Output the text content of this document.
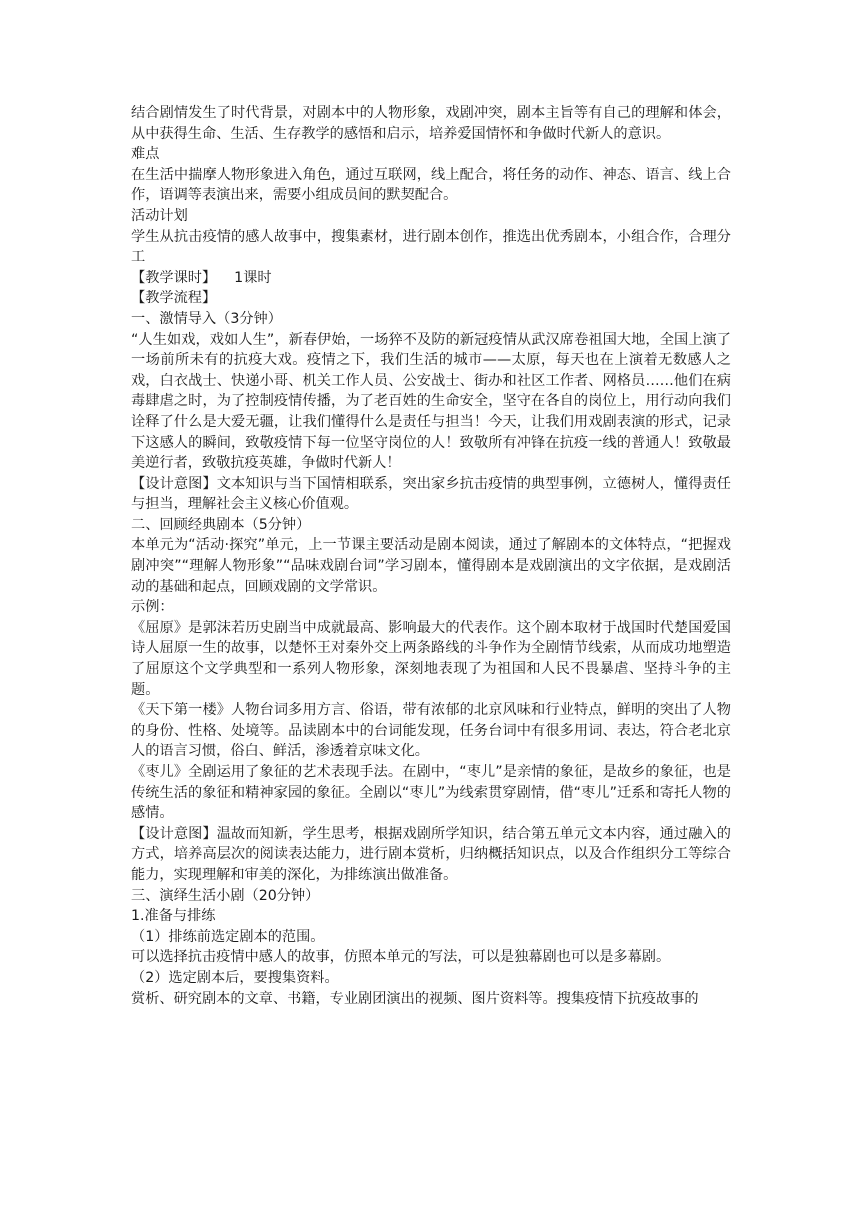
结合剧情发生了时代背景，对剧本中的人物形象，戏剧冲突，剧本主旨等有自己的理解和体会，从中获得生命、生活、生存教学的感悟和启示，培养爱国情怀和争做时代新人的意识。

难点

在生活中揣摩人物形象进入角色，通过互联网，线上配合，将任务的动作、神态、语言、线上合作，语调等表演出来，需要小组成员间的默契配合。

活动计划

学生从抗击疫情的感人故事中，搜集素材，进行剧本创作，推选出优秀剧本，小组合作，合理分工

【教学课时】    1课时

【教学流程】

一、激情导入（3分钟）

“人生如戏，戏如人生”，新春伊始，一场猝不及防的新冠疫情从武汉席卷祖国大地，全国上演了一场前所未有的抗疫大戏。疫情之下，我们生活的城市——太原，每天也在上演着无数感人之戏，白衣战士、快递小哥、机关工作人员、公安战士、街办和社区工作者、网格员……他们在病毒肆虐之时，为了控制疫情传播，为了老百姓的生命安全，坚守在各自的岗位上，用行动向我们诠释了什么是大爱无疆，让我们懂得什么是责任与担当！今天，让我们用戏剧表演的形式，记录下这感人的瞬间，致敬疫情下每一位坚守岗位的人！致敬所有冲锋在抗疫一线的普通人！致敬最美逆行者，致敬抗疫英雄，争做时代新人！

【设计意图】文本知识与当下国情相联系，突出家乡抗击疫情的典型事例，立德树人，懂得责任与担当，理解社会主义核心价值观。

二、回顾经典剧本（5分钟）

本单元为“活动·探究”单元，上一节课主要活动是剧本阅读，通过了解剧本的文体特点，“把握戏剧冲突”“理解人物形象”“品味戏剧台词”学习剧本，懂得剧本是戏剧演出的文字依据，是戏剧活动的基础和起点，回顾戏剧的文学常识。

示例：

《屈原》是郭沫若历史剧当中成就最高、影响最大的代表作。这个剧本取材于战国时代楚国爱国诗人屈原一生的故事，以楚怀王对秦外交上两条路线的斗争作为全剧情节线索，从而成功地塑造了屈原这个文学典型和一系列人物形象，深刻地表现了为祖国和人民不畏暴虐、坚持斗争的主题。

《天下第一楼》人物台词多用方言、俗语，带有浓郁的北京风味和行业特点，鲜明的突出了人物的身份、性格、处境等。品读剧本中的台词能发现，任务台词中有很多用词、表达，符合老北京人的语言习惯，俗白、鲜活，渗透着京味文化。

《枣儿》全剧运用了象征的艺术表现手法。在剧中，“枣儿”是亲情的象征，是故乡的象征，也是传统生活的象征和精神家园的象征。全剧以“枣儿”为线索贯穿剧情，借“枣儿”迁系和寄托人物的感情。

【设计意图】温故而知新，学生思考，根据戏剧所学知识，结合第五单元文本内容，通过融入的方式，培养高层次的阅读表达能力，进行剧本赏析，归纳概括知识点，以及合作组织分工等综合能力，实现理解和审美的深化，为排练演出做准备。

三、演绎生活小剧（20分钟）

1.准备与排练

（1）排练前选定剧本的范围。

可以选择抗击疫情中感人的故事，仿照本单元的写法，可以是独幕剧也可以是多幕剧。

（2）选定剧本后，要搜集资料。

赏析、研究剧本的文章、书籍，专业剧团演出的视频、图片资料等。搜集疫情下抗疫故事的
